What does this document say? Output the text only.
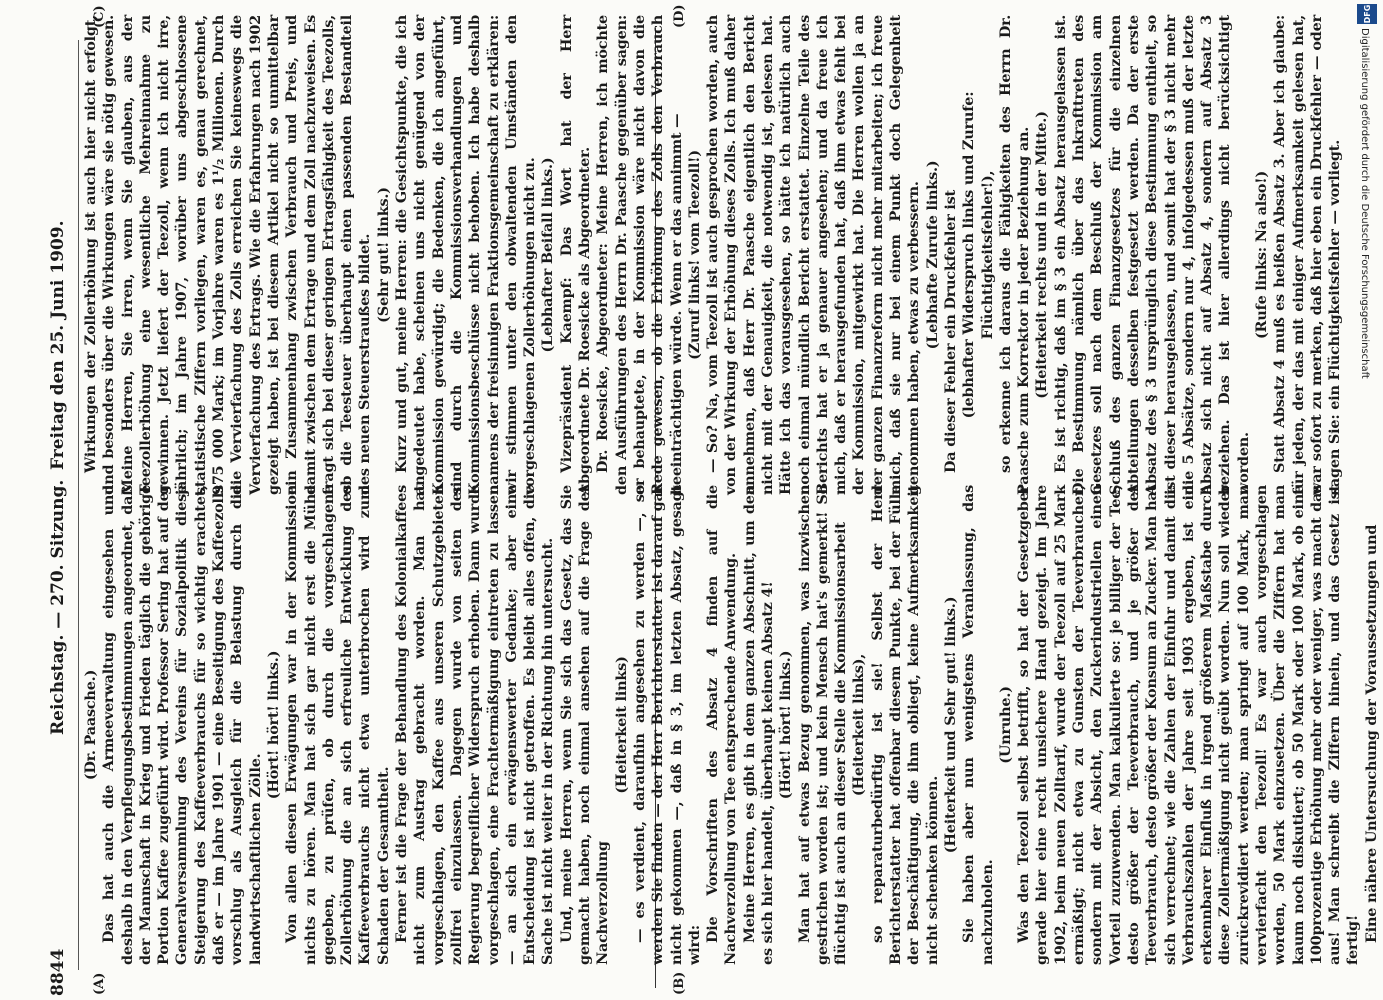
8844
Reichstag. — 270. Sitzung.
Freitag den 25. Juni 1909.
(A)	(B)
(C)	(D)

(Dr. Paasche.) Das hat auch die Armeeverwaltung eingesehen und deshalb in den Verpflegungsbestimmungen angeordnet, daß der Mannschaft in Krieg und Frieden täglich die gehörige Portion Kaffee zugeführt wird. Professor Sering hat auf der Generalversammlung des Vereins für Sozialpolitik diese Steigerung des Kaffeeverbrauchs für so wichtig erachtet, daß er — im Jahre 1901 — eine Beseitigung des Kaffeezolls vorschlug als Ausgleich für die Belastung durch die landwirtschaftlichen Zölle.

(Hört! hört! links.) Von allen diesen Erwägungen war in der Kommission nichts zu hören. Man hat sich gar nicht erst die Mühe gegeben, zu prüfen, ob durch die vorgeschlagene Zollerhöhung die an sich erfreuliche Entwicklung des Kaffeeverbrauchs nicht etwa unterbrochen wird zum Schaden der Gesamtheit. Ferner ist die Frage der Behandlung des Kolonialkaffees nicht zum Austrag gebracht worden. Man hat vorgeschlagen, den Kaffee aus unseren Schutzgebieten zollfrei einzulassen. Dagegen wurde von seiten der Regierung begreiflicher Widerspruch erhoben. Dann wurde vorgeschlagen, eine Frachtermäßigung eintreten zu lassen — an sich ein erwägenswerter Gedanke; aber eine Entscheidung ist nicht getroffen. Es bleibt alles offen, die Sache ist nicht weiter in der Richtung hin untersucht. Und, meine Herren, wenn Sie sich das Gesetz, das Sie gemacht haben, noch einmal ansehen auf die Frage der Nachverzollung

(Heiterkeit links) — es verdient, daraufhin angesehen zu werden —, so werden Sie finden — der Herr Berichterstatter ist darauf gar nicht gekommen —, daß in § 3, im letzten Absatz, gesagt wird:

Die Vorschriften des Absatz 4 finden auf die Nachverzollung von Tee entsprechende Anwendung. Meine Herren, es gibt in dem ganzen Abschnitt, um den es sich hier handelt, überhaupt keinen Absatz 4! (Hört! hört! links.) Man hat auf etwas Bezug genommen, was inzwischen gestrichen worden ist; und kein Mensch hat's gemerkt! So flüchtig ist auch an dieser Stelle die Kommissionsarbeit (Heiterkeit links), so reparaturbedürftig ist sie! Selbst der Herr Berichterstatter hat offenbar diesem Punkte, bei der Fülle der Beschäftigung, die ihm obliegt, keine Aufmerksamkeit nicht schenken können.

(Heiterkeit und Sehr gut! links.) Sie haben aber nun wenigstens Veranlassung, das nachzuholen.

(Unruhe.) Was den Teezoll selbst betrifft, so hat der Gesetzgeber gerade hier eine recht unsichere Hand gezeigt. Im Jahre 1902, beim neuen Zolltarif, wurde der Teezoll auf 25 Mark ermäßigt; nicht etwa zu Gunsten der Teeverbraucher, sondern mit der Absicht, den Zuckerindustriellen einen Vorteil zuzuwenden. Man kalkulierte so: je billiger der Tee, desto größer der Teeverbrauch, und je größer der Teeverbrauch, desto größer der Konsum an Zucker. Man hat sich verrechnet; wie die Zahlen der Einfuhr und damit die Verbrauchszahlen der Jahre seit 1903 ergeben, ist ein erkennbarer Einfluß in irgend größerem Maßstabe durch diese Zollermäßigung nicht geübt worden. Nun soll wieder zurückrevidiert werden; man springt auf 100 Mark, man vervierfacht den Teezoll! Es war auch vorgeschlagen worden, 50 Mark einzusetzen. Über die Ziffern hat man kaum noch diskutiert; ob 50 Mark oder 100 Mark, ob eine 100prozentige Erhöhung mehr oder weniger, was macht das aus! Man schreibt die Ziffern hinein, und das Gesetz ist fertig! Eine nähere Untersuchung der Voraussetzungen und

Wirkungen der Zollerhöhung ist auch hier nicht erfolgt, und besonders über die Wirkungen wäre sie nötig gewesen. Meine Herren, Sie irren, wenn Sie glauben, aus der Teezollerhöhung eine wesentliche Mehreinnahme zu gewinnen. Jetzt liefert der Teezoll, wenn ich nicht irre, jährlich; im Jahre 1907, worüber uns abgeschlossene statistische Ziffern vorliegen, waren es, genau gerechnet, 975 000 Mark; im Vorjahre waren es 1¹/₂ Millionen. Durch die Vervierfachung des Zolls erreichen Sie keineswegs die Vervierfachung des Ertrags. Wie die Erfahrungen nach 1902 gezeigt haben, ist bei diesem Artikel nicht so unmittelbar ein Zusammenhang zwischen Verbrauch und Preis, und damit zwischen dem Ertrage und dem Zoll nachzuweisen. Es fragt sich bei dieser geringen Ertragsfähigkeit des Teezolls, ob die Teesteuer überhaupt einen passenden Bestandteil des neuen Steuerstraußes bildet. (Sehr gut! links.) Kurz und gut, meine Herren: die Gesichtspunkte, die ich angedeutet habe, scheinen uns nicht genügend von der Kommission gewürdigt; die Bedenken, die ich angeführt, sind durch die Kommissionsverhandlungen und Kommissionsbeschlüsse nicht behoben. Ich habe deshalb namens der freisinnigen Fraktionsgemeinschaft zu erklären: wir stimmen unter den obwaltenden Umständen den vorgeschlagenen Zollerhöhungen nicht zu. (Lebhafter Beifall links.) Vizepräsident Kaempf: Das Wort hat der Herr Abgeordnete Dr. Roesicke als Abgeordneter. Dr. Roesicke, Abgeordneter: Meine Herren, ich möchte den Ausführungen des Herrn Dr. Paasche gegenüber sagen: er behauptete, in der Kommission wäre nicht davon die Rede gewesen, ob die Erhöhung des Zolls den Verbrauch beeinträchtigen würde. Wenn er das annimmt — (Zuruf links! vom Teezoll!) — So? Na, vom Teezoll ist auch gesprochen worden, auch von der Wirkung der Erhöhung dieses Zolls. Ich muß daher annehmen, daß Herr Dr. Paasche eigentlich den Bericht nicht mit der Genauigkeit, die notwendig ist, gelesen hat. Hätte ich das vorausgesehen, so hätte ich natürlich auch noch einmal mündlich Bericht erstattet. Einzelne Teile des Berichts hat er ja genauer angesehen; und da freue ich mich, daß er herausgefunden hat, daß ihm etwas fehlt bei der Kommission, mitgewirkt hat. Die Herren wollen ja an der ganzen Finanzreform nicht mehr mitarbeiten; ich freue mich, daß sie nur bei einem Punkt doch Gelegenheit genommen haben, etwas zu verbessern. (Lebhafte Zurufe links.) Da dieser Fehler ein Druckfehler ist (lebhafter Widerspruch links und Zurufe: Flüchtigkeitsfehler!), so erkenne ich daraus die Fähigkeiten des Herrn Dr. Paasche zum Korrektor in jeder Beziehung an. (Heiterkeit rechts und in der Mitte.) Es ist richtig, daß im § 3 ein Absatz herausgelassen ist. Die Bestimmung nämlich über das Inkrafttreten des Gesetzes soll nach dem Beschluß der Kommission am Schluß des ganzen Finanzgesetzes für die einzelnen Abteilungen desselben festgesetzt werden. Da der erste Absatz des § 3 ursprünglich diese Bestimmung enthielt, so ist dieser herausgelassen, und somit hat der § 3 nicht mehr die 5 Absätze, sondern nur 4, infolgedessen muß der letzte Absatz sich nicht auf Absatz 4, sondern auf Absatz 3 beziehen. Das ist hier allerdings nicht berücksichtigt worden.

(Rufe links: Na also!) Statt Absatz 4 muß es heißen Absatz 3. Aber ich glaube: für jeden, der das mit einiger Aufmerksamkeit gelesen hat, war sofort zu merken, daß hier eben ein Druckfehler — oder sagen Sie: ein Flüchtigkeitsfehler — vorliegt.

DFG
Digitalisierung gefördert durch die Deutsche Forschungsgemeinschaft
